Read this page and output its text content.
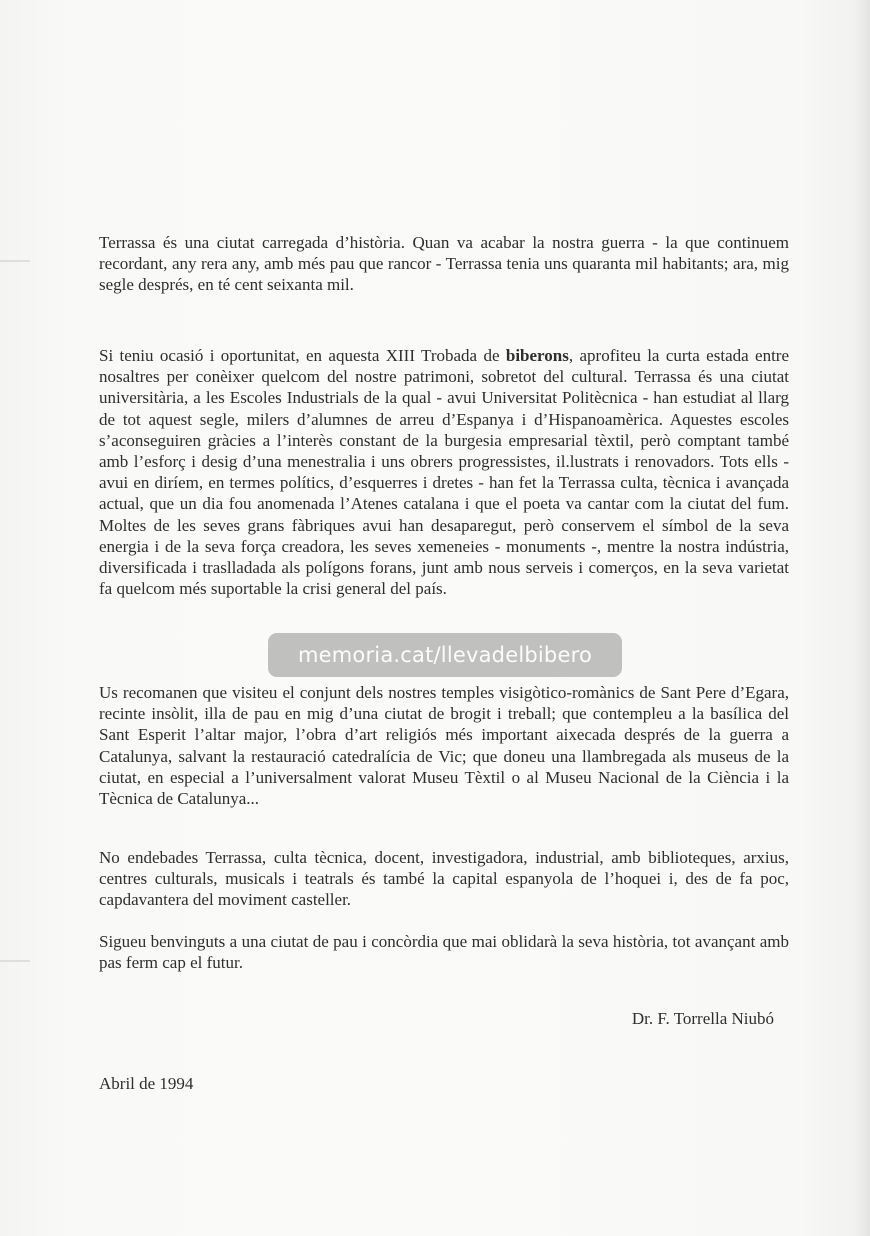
Terrassa és una ciutat carregada d’història. Quan va acabar la nostra guerra - la que continuem recordant, any rera any, amb més pau que rancor - Terrassa tenia uns quaranta mil habitants; ara, mig segle després, en té cent seixanta mil.

Si teniu ocasió i oportunitat, en aquesta XIII Trobada de biberons, aprofiteu la curta estada entre nosaltres per conèixer quelcom del nostre patrimoni, sobretot del cultural. Terrassa és una ciutat universitària, a les Escoles Industrials de la qual - avui Universitat Politècnica - han estudiat al llarg de tot aquest segle, milers d’alumnes de arreu d’Espanya i d’Hispanoamèrica. Aquestes escoles s’aconseguiren gràcies a l’interès constant de la burgesia empresarial tèxtil, però comptant també amb l’esforç i desig d’una menestralia i uns obrers progressistes, il.lustrats i renovadors. Tots ells - avui en diríem, en termes polítics, d’esquerres i dretes - han fet la Terrassa culta, tècnica i avançada actual, que un dia fou anomenada l’Atenes catalana i que el poeta va cantar com la ciutat del fum. Moltes de les seves grans fàbriques avui han desaparegut, però conservem el símbol de la seva energia i de la seva força creadora, les seves xemeneies - monuments -, mentre la nostra indústria, diversificada i traslladada als polígons forans, junt amb nous serveis i comerços, en la seva varietat fa quelcom més suportable la crisi general del país.

Us recomanen que visiteu el conjunt dels nostres temples visigòtico-romànics de Sant Pere d’Egara, recinte insòlit, illa de pau en mig d’una ciutat de brogit i treball; que contempleu a la basílica del Sant Esperit l’altar major, l’obra d’art religiós més important aixecada després de la guerra a Catalunya, salvant la restauració catedralícia de Vic; que doneu una llambregada als museus de la ciutat, en especial a l’universalment valorat Museu Tèxtil o al Museu Nacional de la Ciència i la Tècnica de Catalunya...

No endebades Terrassa, culta tècnica, docent, investigadora, industrial, amb biblioteques, arxius, centres culturals, musicals i teatrals és també la capital espanyola de l’hoquei i, des de fa poc, capdavantera del moviment casteller.

Sigueu benvinguts a una ciutat de pau i concòrdia que mai oblidarà la seva història, tot avançant amb pas ferm cap el futur.

Dr. F. Torrella Niubó
Abril de 1994
memoria.cat/llevadelbibero
